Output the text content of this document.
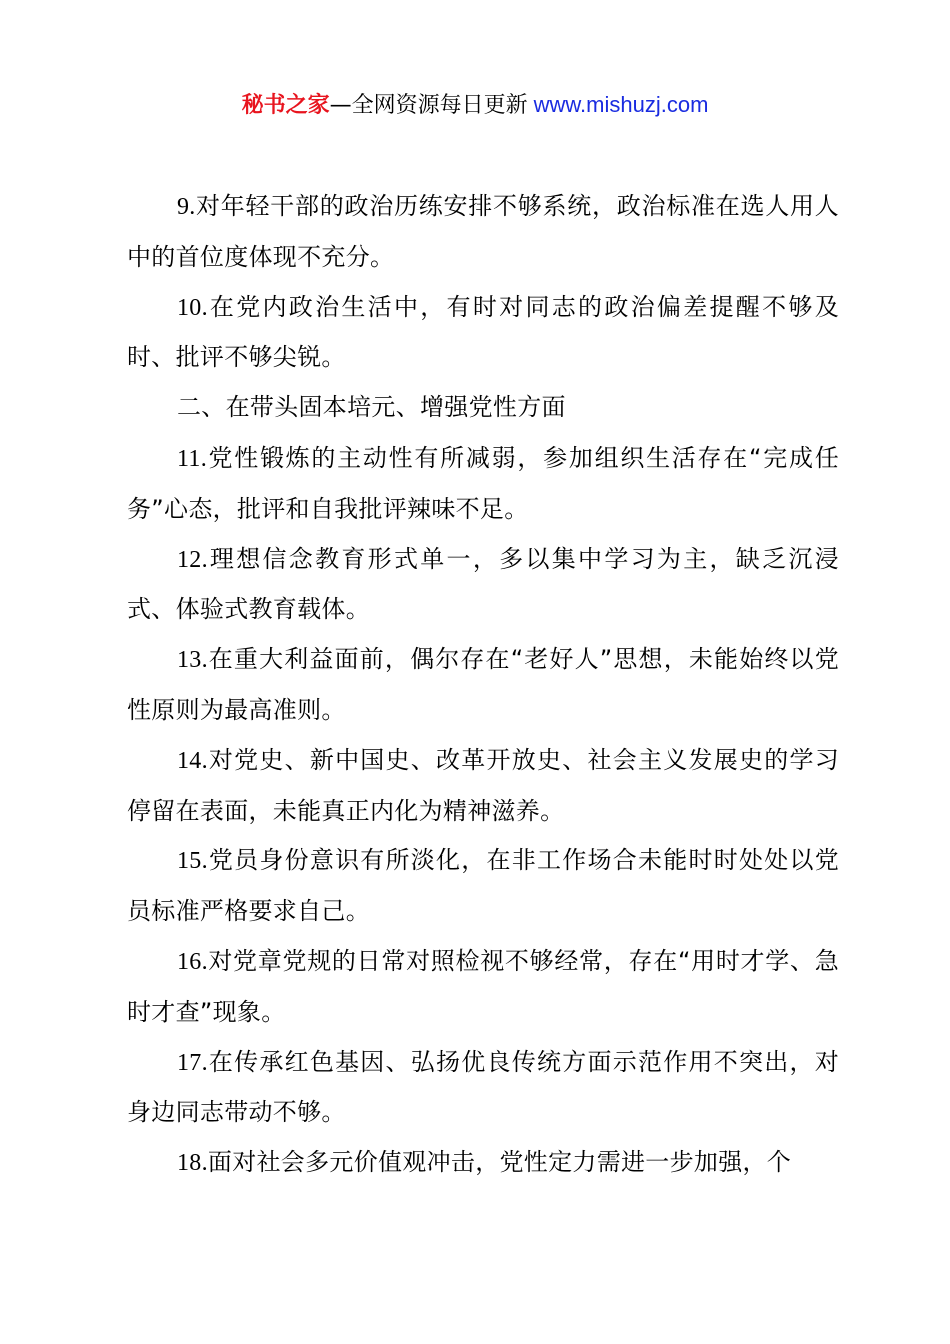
秘书之家—全网资源每日更新 www.mishuzj.com

9.对年轻干部的政治历练安排不够系统，政治标准在选人用人中的首位度体现不充分。

10.在党内政治生活中，有时对同志的政治偏差提醒不够及时、批评不够尖锐。

二、在带头固本培元、增强党性方面

11.党性锻炼的主动性有所减弱，参加组织生活存在“完成任务”心态，批评和自我批评辣味不足。

12.理想信念教育形式单一，多以集中学习为主，缺乏沉浸式、体验式教育载体。

13.在重大利益面前，偶尔存在“老好人”思想，未能始终以党性原则为最高准则。

14.对党史、新中国史、改革开放史、社会主义发展史的学习停留在表面，未能真正内化为精神滋养。

15.党员身份意识有所淡化，在非工作场合未能时时处处以党员标准严格要求自己。

16.对党章党规的日常对照检视不够经常，存在“用时才学、急时才查”现象。

17.在传承红色基因、弘扬优良传统方面示范作用不突出，对身边同志带动不够。

18.面对社会多元价值观冲击，党性定力需进一步加强，个
